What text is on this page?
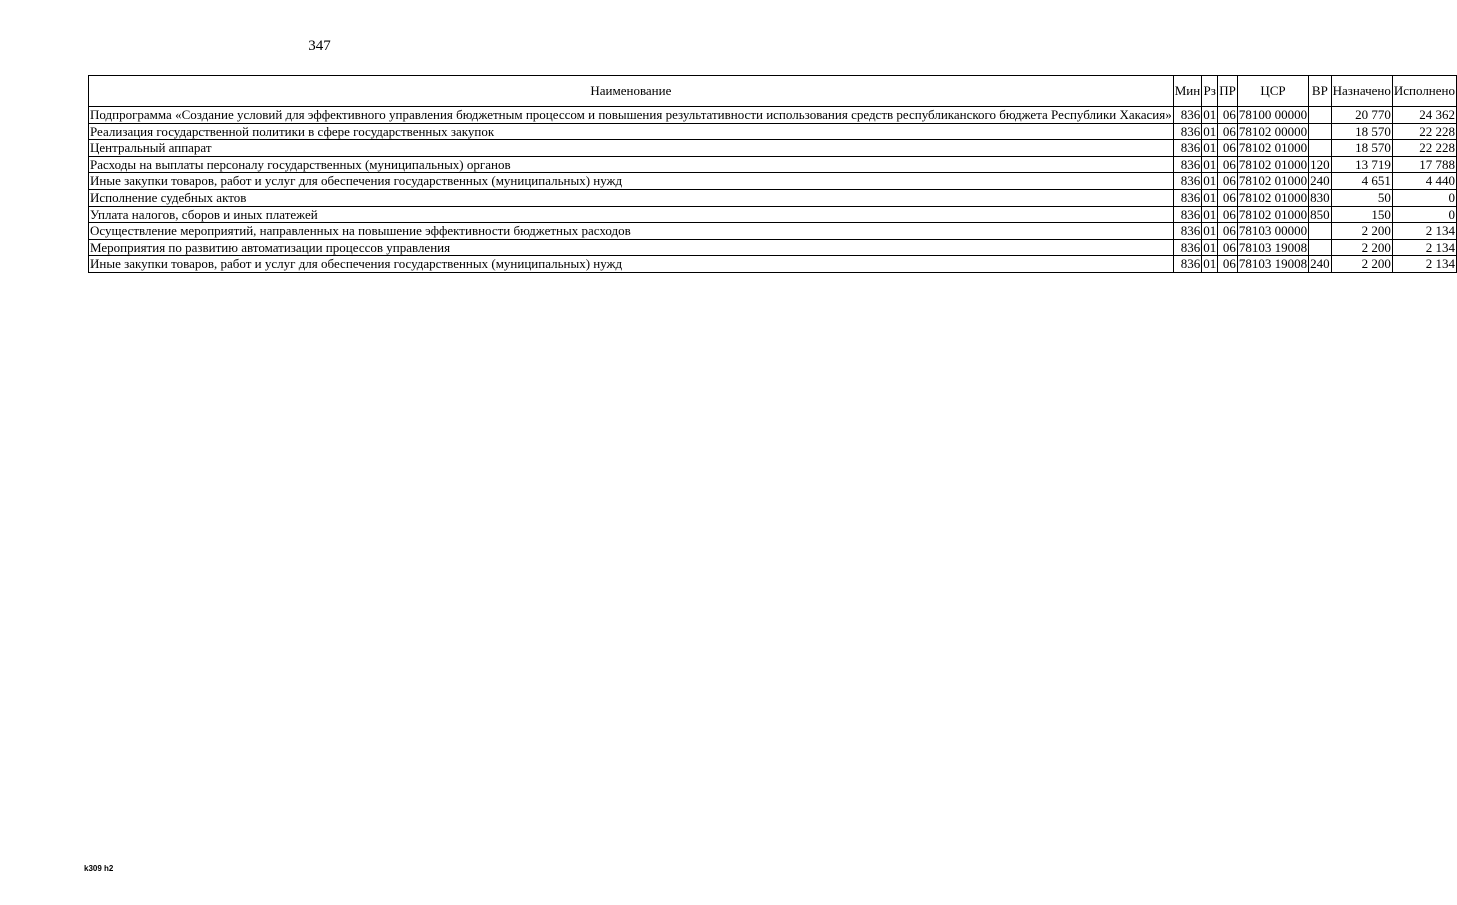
347
Наименование	Мин	Рз	ПР	ЦСР	ВР	Назначено	Исполнено
Подпрограмма «Создание условий для эффективного управления бюджетным процессом и повышения результативности использования средств республиканского бюджета Республики Хакасия»	836	01	06	78100 00000		20 770	24 362
Реализация государственной политики в сфере государственных закупок	836	01	06	78102 00000		18 570	22 228
Центральный аппарат	836	01	06	78102 01000		18 570	22 228
Расходы на выплаты персоналу государственных (муниципальных) органов	836	01	06	78102 01000	120	13 719	17 788
Иные закупки товаров, работ и услуг для обеспечения государственных (муниципальных) нужд	836	01	06	78102 01000	240	4 651	4 440
Исполнение судебных актов	836	01	06	78102 01000	830	50	0
Уплата налогов, сборов и иных платежей	836	01	06	78102 01000	850	150	0
Осуществление мероприятий, направленных на повышение эффективности бюджетных расходов	836	01	06	78103 00000		2 200	2 134
Мероприятия по развитию автоматизации процессов управления	836	01	06	78103 19008		2 200	2 134
Иные закупки товаров, работ и услуг для обеспечения государственных (муниципальных) нужд	836	01	06	78103 19008	240	2 200	2 134
k309 h2
